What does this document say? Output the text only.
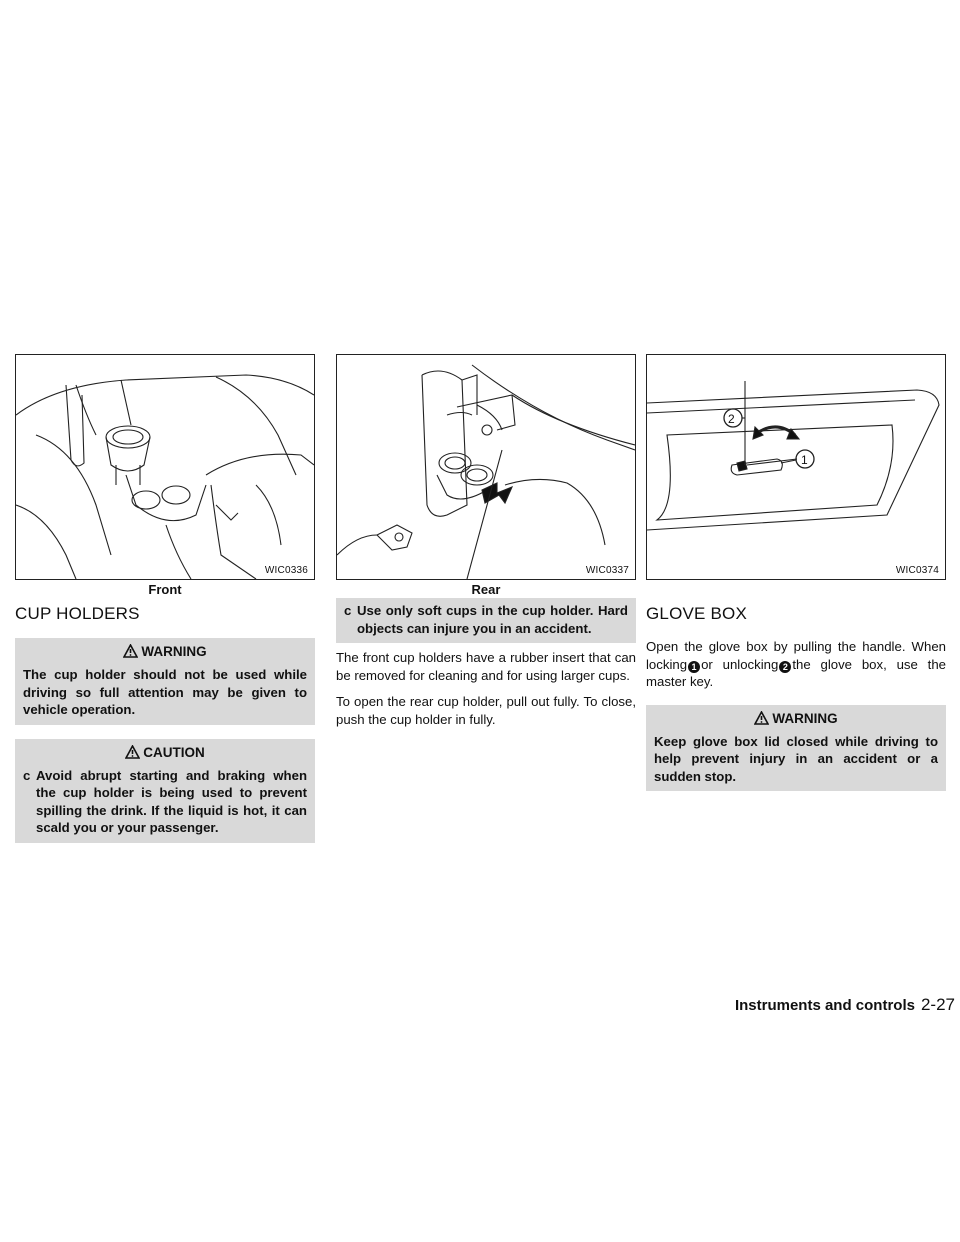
WIC0336
Front
CUP HOLDERS
WARNING
The cup holder should not be used while driving so full attention may be given to vehicle operation.
CAUTION
c Avoid abrupt starting and braking when the cup holder is being used to prevent spilling the drink. If the liquid is hot, it can scald you or your passenger.
WIC0337
Rear
c Use only soft cups in the cup holder. Hard objects can injure you in an accident.

The front cup holders have a rubber insert that can be removed for cleaning and for using larger cups.

To open the rear cup holder, pull out fully. To close, push the cup holder in fully.

2
1
WIC0374
GLOVE BOX

Open the glove box by pulling the handle. When locking 1 or unlocking 2 the glove box, use the master key.

WARNING
Keep glove box lid closed while driving to help prevent injury in an accident or a sudden stop.
Instruments and controls 2-27
